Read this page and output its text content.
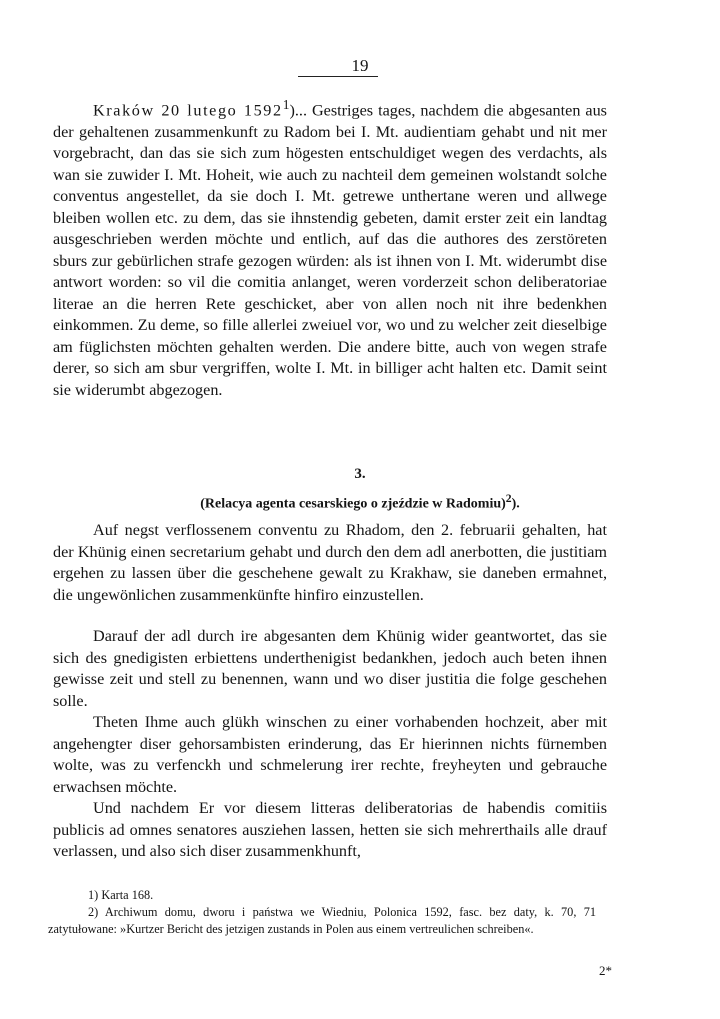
19
Kraków 20 lutego 1592$^1$)... Gestriges tages, nachdem die abgesanten aus der gehaltenen zusammenkunft zu Radom bei I. Mt. audientiam gehabt und nit mer vorgebracht, dan das sie sich zum högesten entschuldiget wegen des verdachts, als wan sie zuwider I. Mt. Hoheit, wie auch zu nachteil dem gemeinen wolstandt solche conventus angestellet, da sie doch I. Mt. getrewe unthertane weren und allwege bleiben wollen etc. zu dem, das sie ihnstendig gebeten, damit erster zeit ein landtag ausgeschrieben werden möchte und entlich, auf das die authores des zerstöreten sburs zur gebürlichen strafe gezogen würden: als ist ihnen von I. Mt. widerumbt dise antwort worden: so vil die comitia anlanget, weren vorderzeit schon deliberatoriae literae an die herren Rete geschicket, aber von allen noch nit ihre bedenkhen einkommen. Zu deme, so fille allerlei zweiuel vor, wo und zu welcher zeit dieselbige am füglichsten möchten gehalten werden. Die andere bitte, auch von wegen strafe derer, so sich am sbur vergriffen, wolte I. Mt. in billiger acht halten etc. Damit seint sie widerumbt abgezogen.
3.
(Relacya agenta cesarskiego o zjeździe w Radomiu)$^2$).
Auf negst verflossenem conventu zu Rhadom, den 2. februarii gehalten, hat der Khünig einen secretarium gehabt und durch den dem adl anerbotten, die justitiam ergehen zu lassen über die geschehene gewalt zu Krakhaw, sie daneben ermahnet, die ungewönlichen zusammenkünfte hinfiro einzustellen.
Darauf der adl durch ire abgesanten dem Khünig wider geantwortet, das sie sich des gnedigisten erbiettens underthenigist bedankhen, jedoch auch beten ihnen gewisse zeit und stell zu benennen, wann und wo diser justitia die folge geschehen solle.
Theten Ihme auch glükh winschen zu einer vorhabenden hochzeit, aber mit angehengter diser gehorsambisten erinderung, das Er hierinnen nichts fürnemben wolte, was zu verfenckh und schmelerung irer rechte, freyheyten und gebrauche erwachsen möchte.
Und nachdem Er vor diesem litteras deliberatorias de habendis comitiis publicis ad omnes senatores ausziehen lassen, hetten sie sich mehrerthails alle drauf verlassen, und also sich diser zusammenkhunft,

1) Karta 168.

2) Archiwum domu, dworu i państwa we Wiedniu, Polonica 1592, fasc. bez daty, k. 70, 71 zatytułowane: »Kurtzer Bericht des jetzigen zustands in Polen aus einem vertreulichen schreiben«.

2*
